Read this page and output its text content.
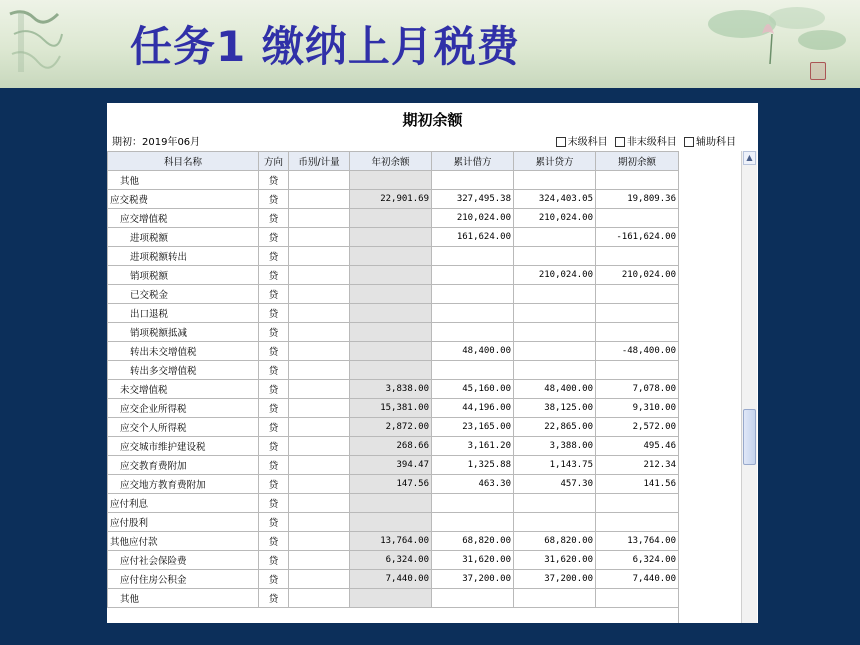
任务1 缴纳上月税费
期初余额
期初：2019年06月	末级科目 非末级科目 辅助科目
科目名称	方向	币别/计量	年初余额	累计借方	累计贷方	期初余额
其他	贷					
应交税费	贷		22,901.69	327,495.38	324,403.05	19,809.36
应交增值税	贷			210,024.00	210,024.00	
进项税额	贷			161,624.00		-161,624.00
进项税额转出	贷					
销项税额	贷				210,024.00	210,024.00
已交税金	贷					
出口退税	贷					
销项税额抵减	贷					
转出未交增值税	贷			48,400.00		-48,400.00
转出多交增值税	贷					
未交增值税	贷		3,838.00	45,160.00	48,400.00	7,078.00
应交企业所得税	贷		15,381.00	44,196.00	38,125.00	9,310.00
应交个人所得税	贷		2,872.00	23,165.00	22,865.00	2,572.00
应交城市维护建设税	贷		268.66	3,161.20	3,388.00	495.46
应交教育费附加	贷		394.47	1,325.88	1,143.75	212.34
应交地方教育费附加	贷		147.56	463.30	457.30	141.56
应付利息	贷					
应付股利	贷					
其他应付款	贷		13,764.00	68,820.00	68,820.00	13,764.00
应付社会保险费	贷		6,324.00	31,620.00	31,620.00	6,324.00
应付住房公积金	贷		7,440.00	37,200.00	37,200.00	7,440.00
其他	贷					
▲
